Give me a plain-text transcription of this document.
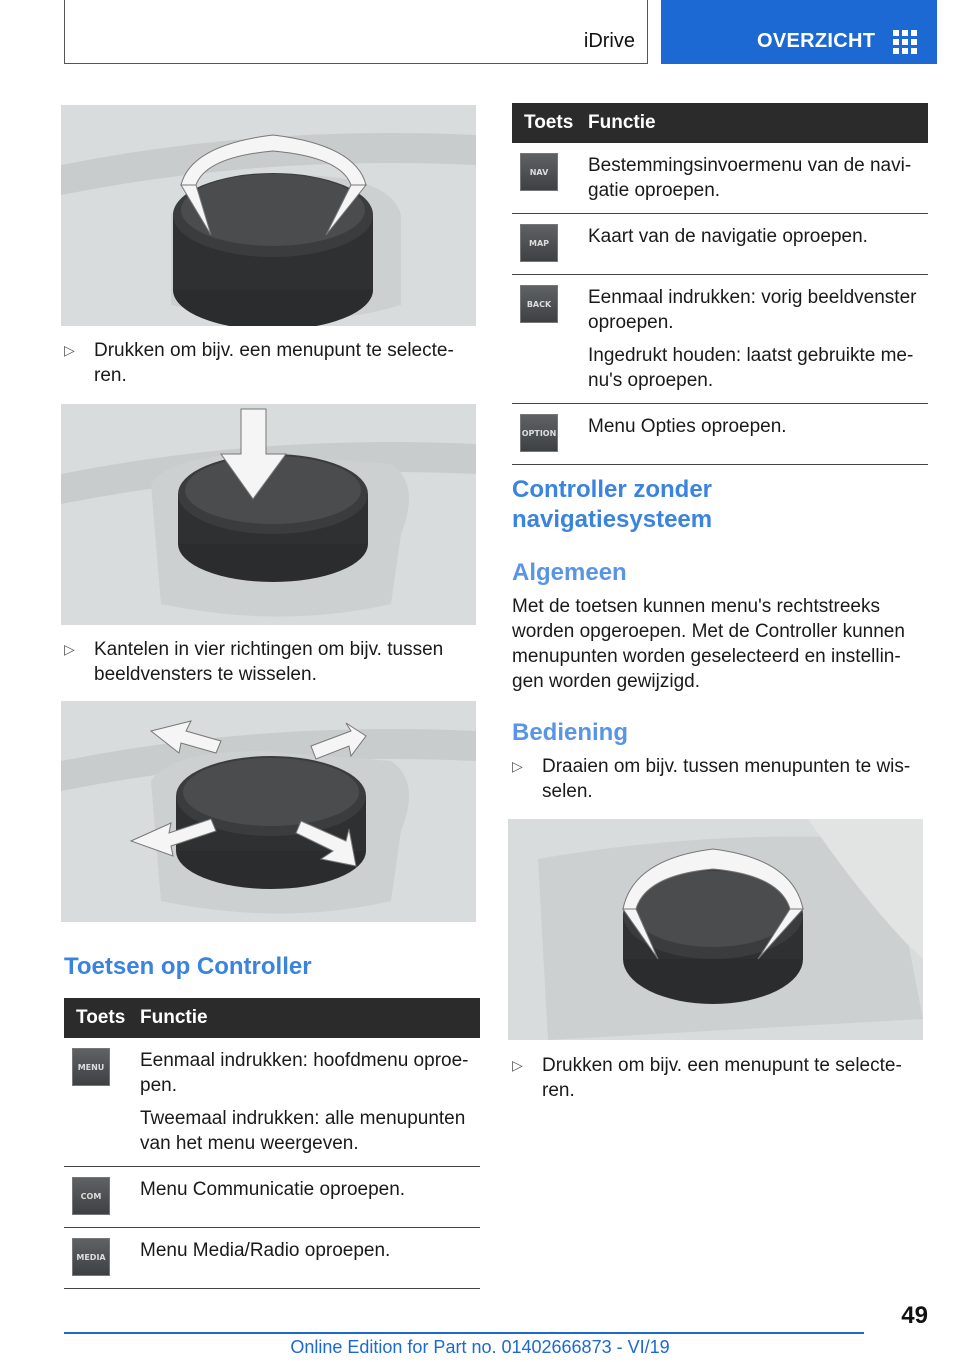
iDrive	OVERZICHT
▷ Drukken om bijv. een menupunt te selecte-
ren.
▷ Kantelen in vier richtingen om bijv. tussen
beeldvensters te wisselen.
Toetsen op Controller
Toets	Functie

MENU	Eenmaal indrukken: hoofdmenu oproe-
pen.

Tweemaal indrukken: alle menupunten
van het menu weergeven.

COM	Menu Communicatie oproepen.

MEDIA	Menu Media/Radio oproepen.

Toets	Functie

NAV	Bestemmingsinvoermenu van de navi-
gatie oproepen.

MAP	Kaart van de navigatie oproepen.

BACK	Eenmaal indrukken: vorig beeldvenster
oproepen.

Ingedrukt houden: laatst gebruikte me-
nu's oproepen.

OPTION	Menu Opties oproepen.

Controller zonder
navigatiesysteem
Algemeen
Met de toetsen kunnen menu's rechtstreeks
worden opgeroepen. Met de Controller kunnen
menupunten worden geselecteerd en instellin-
gen worden gewijzigd.
Bediening
▷ Draaien om bijv. tussen menupunten te wis-
selen.
▷ Drukken om bijv. een menupunt te selecte-
ren.
49
Online Edition for Part no. 01402666873 - VI/19
